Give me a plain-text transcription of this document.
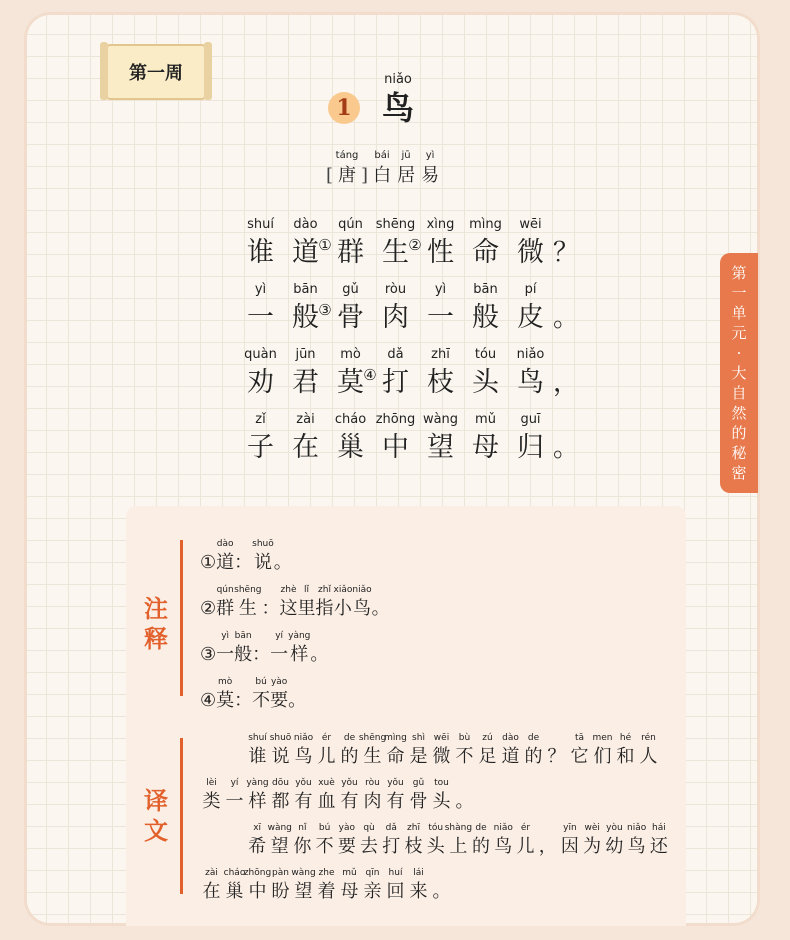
第一周
1
niǎo
鸟
[
táng
唐 ]
bái
白
jū
居
yì
易
shuí
谁
dào
道 ①
qún
群
shēng
生 ②
xìng
性
mìng
命
wēi
微 ？
yì
一
bān
般 ③
gǔ
骨
ròu
肉
yì
一
bān
般
pí
皮 。
quàn
劝
jūn
君
mò
莫 ④
dǎ
打
zhī
枝
tóu
头
niǎo
鸟 ，
zǐ
子
zài
在
cháo
巢
zhōng
中
wàng
望
mǔ
母
guī
归 。
第
一
单
元
·
大
自
然
的
秘
密
注
释
①
dào
道 ：
shuō
说 。
②
qún
群
shēng
生 ：
zhè
这
lǐ
里
zhǐ
指
xiǎo
小
niǎo
鸟 。
③
yì
一
bān
般 ：
yí
一
yàng
样 。
④
mò
莫 ：
bú
不
yào
要 。
译
文
shuí
谁
shuō
说
niǎo
鸟
ér
儿
de
的
shēng
生
mìng
命
shì
是
wēi
微
bù
不
zú
足
dào
道
de
的 ？
tā
它
men
们
hé
和
rén
人
lèi
类
yí
一
yàng
样
dōu
都
yǒu
有
xuè
血
yǒu
有
ròu
肉
yǒu
有
gǔ
骨
tou
头 。
xī
希
wàng
望
nǐ
你
bú
不
yào
要
qù
去
dǎ
打
zhī
枝
tóu
头
shàng
上
de
的
niǎo
鸟
ér
儿 ，
yīn
因
wèi
为
yòu
幼
niǎo
鸟
hái
还
zài
在
cháo
巢
zhōng
中
pàn
盼
wàng
望
zhe
着
mǔ
母
qīn
亲
huí
回
lái
来 。
